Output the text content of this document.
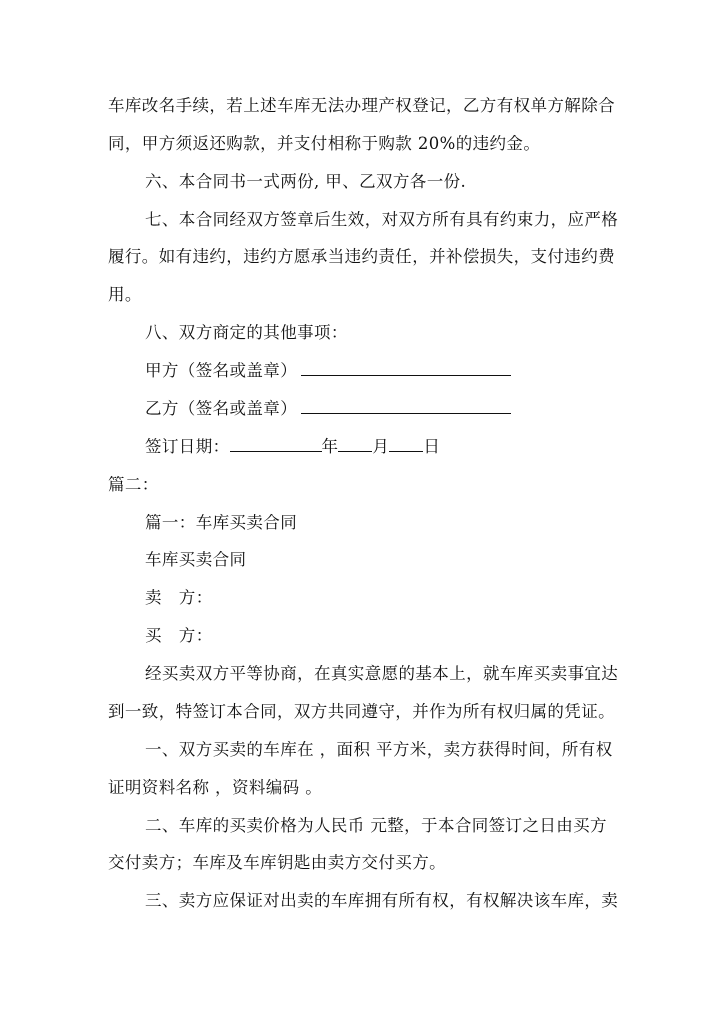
车库改名手续，若上述车库无法办理产权登记，乙方有权单方解除合
同，甲方须返还购款，并支付相称于购款 20%的违约金。
六、本合同书一式两份, 甲、乙双方各一份.
七、本合同经双方签章后生效，对双方所有具有约束力，应严格
履行。如有违约，违约方愿承当违约责任，并补偿损失，支付违约费
用。
八、双方商定的其他事项：
甲方（签名或盖章）
乙方（签名或盖章）
签订日期：	年 月 日
篇二：
篇一：车库买卖合同
车库买卖合同
卖　方：
买　方：
经买卖双方平等协商，在真实意愿的基本上，就车库买卖事宜达
到一致，特签订本合同，双方共同遵守，并作为所有权归属的凭证。
一、双方买卖的车库在 ，面积 平方米，卖方获得时间，所有权
证明资料名称 ，资料编码 。
二、车库的买卖价格为人民币 元整，于本合同签订之日由买方
交付卖方；车库及车库钥匙由卖方交付买方。
三、卖方应保证对出卖的车库拥有所有权，有权解决该车库，卖
